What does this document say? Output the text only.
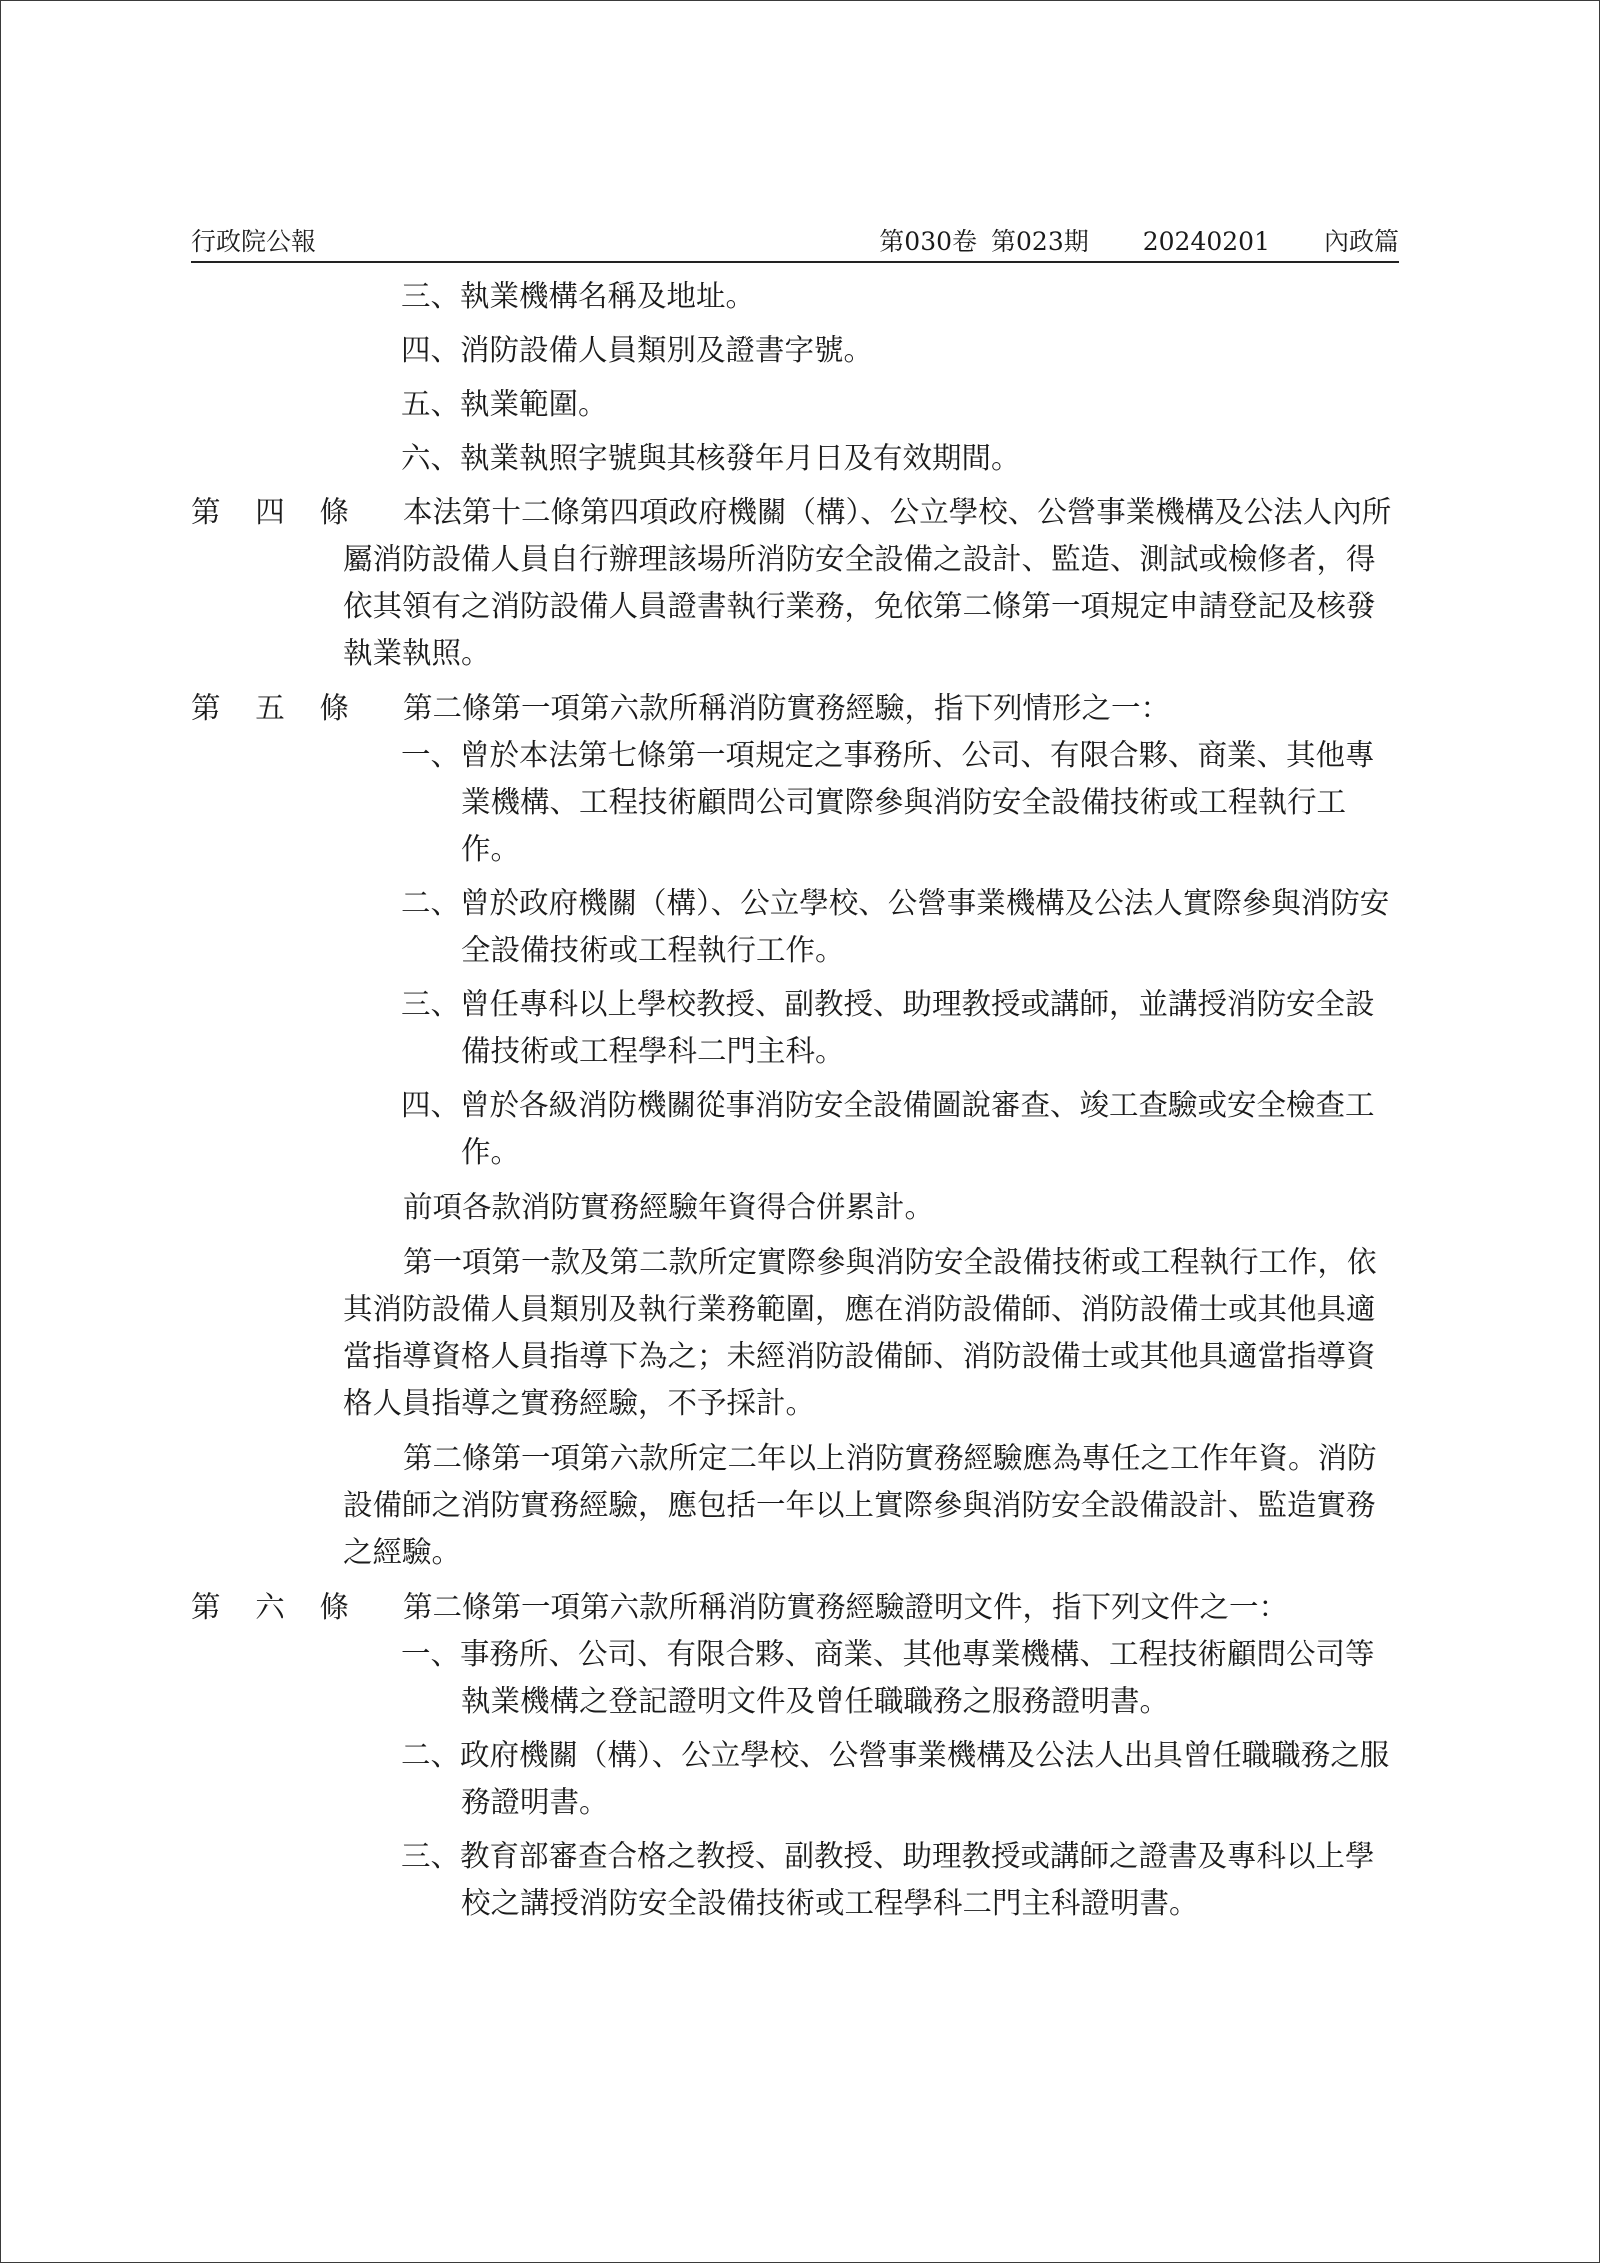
行政院公報	第030卷 第023期 20240201 內政篇
三、執業機構名稱及地址。
四、消防設備人員類別及證書字號。
五、執業範圍。
六、執業執照字號與其核發年月日及有效期間。
第 四 條	本法第十二條第四項政府機關（構）、公立學校、公營事業機構及公法人內所屬消防設備人員自行辦理該場所消防安全設備之設計、監造、測試或檢修者，得依其領有之消防設備人員證書執行業務，免依第二條第一項規定申請登記及核發執業執照。
第 五 條	第二條第一項第六款所稱消防實務經驗，指下列情形之一：
一、曾於本法第七條第一項規定之事務所、公司、有限合夥、商業、其他專業機構、工程技術顧問公司實際參與消防安全設備技術或工程執行工作。
二、曾於政府機關（構）、公立學校、公營事業機構及公法人實際參與消防安全設備技術或工程執行工作。
三、曾任專科以上學校教授、副教授、助理教授或講師，並講授消防安全設備技術或工程學科二門主科。
四、曾於各級消防機關從事消防安全設備圖說審查、竣工查驗或安全檢查工作。
前項各款消防實務經驗年資得合併累計。
第一項第一款及第二款所定實際參與消防安全設備技術或工程執行工作，依其消防設備人員類別及執行業務範圍，應在消防設備師、消防設備士或其他具適當指導資格人員指導下為之；未經消防設備師、消防設備士或其他具適當指導資格人員指導之實務經驗，不予採計。
第二條第一項第六款所定二年以上消防實務經驗應為專任之工作年資。消防設備師之消防實務經驗，應包括一年以上實際參與消防安全設備設計、監造實務之經驗。
第 六 條	第二條第一項第六款所稱消防實務經驗證明文件，指下列文件之一：
一、事務所、公司、有限合夥、商業、其他專業機構、工程技術顧問公司等執業機構之登記證明文件及曾任職職務之服務證明書。
二、政府機關（構）、公立學校、公營事業機構及公法人出具曾任職職務之服務證明書。
三、教育部審查合格之教授、副教授、助理教授或講師之證書及專科以上學校之講授消防安全設備技術或工程學科二門主科證明書。
